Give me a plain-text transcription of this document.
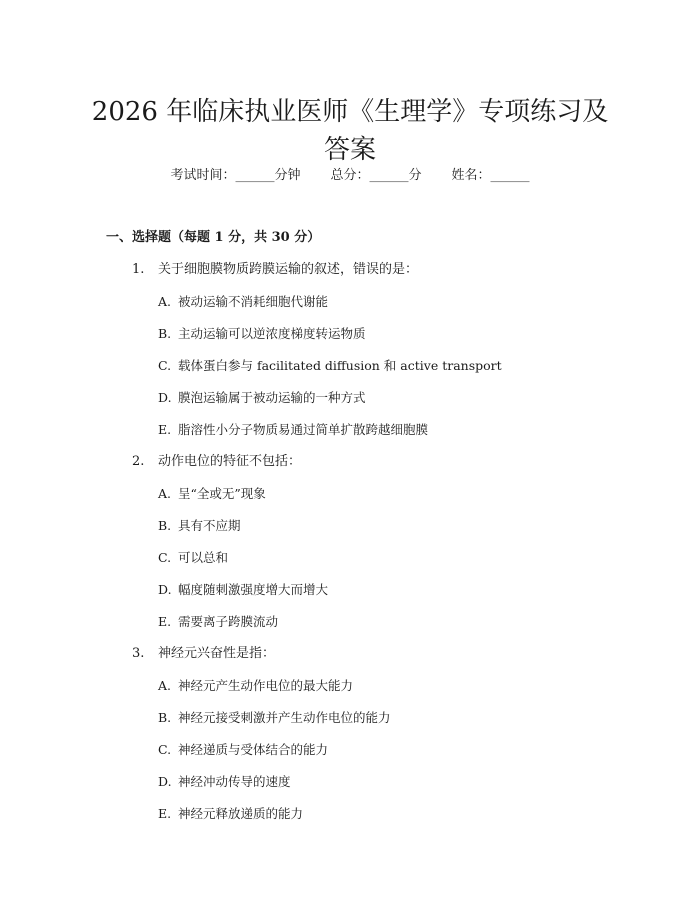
2026 年临床执业医师《生理学》专项练习及答案
考试时间：______分钟 总分：______分 姓名：______
一、选择题（每题 1 分，共 30 分）
1. 关于细胞膜物质跨膜运输的叙述，错误的是：
A. 被动运输不消耗细胞代谢能
B. 主动运输可以逆浓度梯度转运物质
C. 载体蛋白参与 facilitated diffusion 和 active transport
D. 膜泡运输属于被动运输的一种方式
E. 脂溶性小分子物质易通过简单扩散跨越细胞膜
2. 动作电位的特征不包括：
A. 呈“全或无”现象
B. 具有不应期
C. 可以总和
D. 幅度随刺激强度增大而增大
E. 需要离子跨膜流动
3. 神经元兴奋性是指：
A. 神经元产生动作电位的最大能力
B. 神经元接受刺激并产生动作电位的能力
C. 神经递质与受体结合的能力
D. 神经冲动传导的速度
E. 神经元释放递质的能力
